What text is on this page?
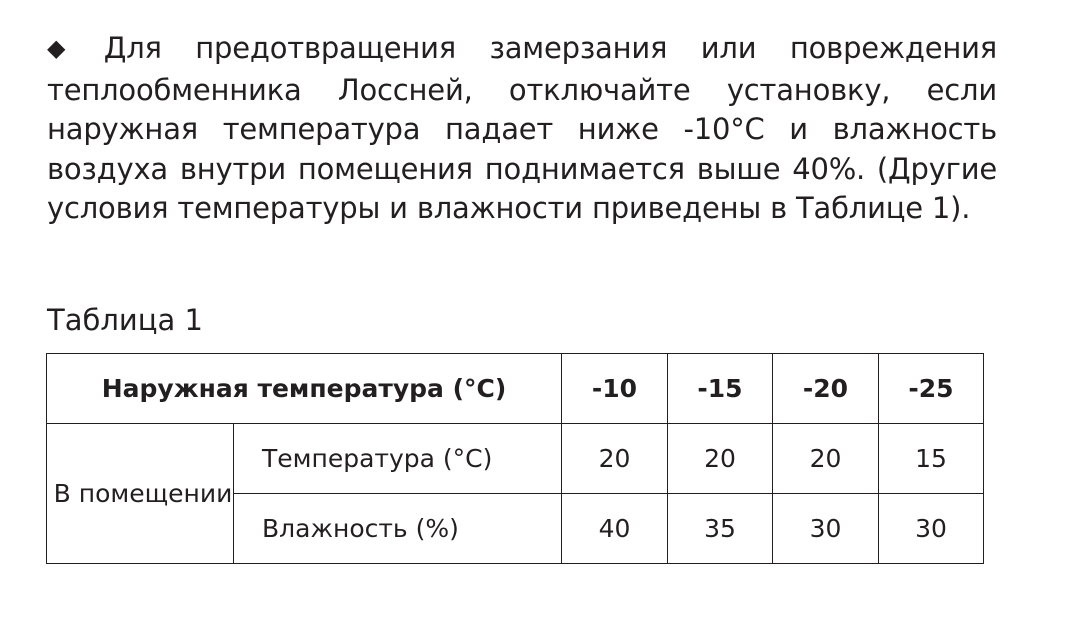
◆ Для предотвращения замерзания или повреждения теплообменника Лоссней, отключайте установку, если наружная температура падает ниже -10°C и влажность воздуха внутри помещения поднимается выше 40%. (Другие условия температуры и влажности приведены в Таблице 1).
Таблица 1
Наружная температура (°C)		-10	-15	-20	-25
В помещении	Температура (°C)	20	20	20	15
	Влажность (%)	40	35	30	30
